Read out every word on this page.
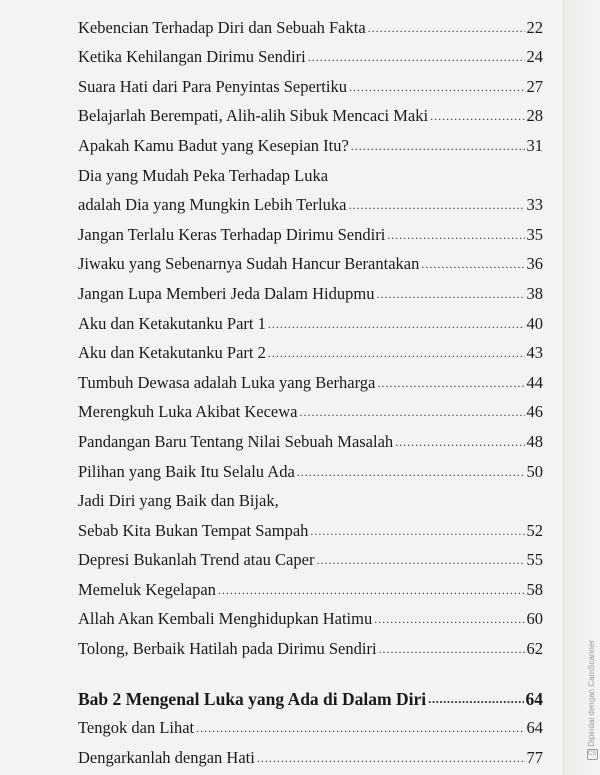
Kebencian Terhadap Diri dan Sebuah Fakta .....	22
Ketika Kehilangan Dirimu Sendiri .....	24
Suara Hati dari Para Penyintas Sepertiku .....	27
Belajarlah Berempati, Alih-alih Sibuk Mencaci Maki .....	28
Apakah Kamu Badut yang Kesepian Itu? .....	31
Dia yang Mudah Peka Terhadap Luka
adalah Dia yang Mungkin Lebih Terluka .....	33
Jangan Terlalu Keras Terhadap Dirimu Sendiri .....	35
Jiwaku yang Sebenarnya Sudah Hancur Berantakan .....	36
Jangan Lupa Memberi Jeda Dalam Hidupmu .....	38
Aku dan Ketakutanku Part 1 .....	40
Aku dan Ketakutanku Part 2 .....	43
Tumbuh Dewasa adalah Luka yang Berharga .....	44
Merengkuh Luka Akibat Kecewa .....	46
Pandangan Baru Tentang Nilai Sebuah Masalah .....	48
Pilihan yang Baik Itu Selalu Ada .....	50
Jadi Diri yang Baik dan Bijak,
Sebab Kita Bukan Tempat Sampah .....	52
Depresi Bukanlah Trend atau Caper .....	55
Memeluk Kegelapan .....	58
Allah Akan Kembali Menghidupkan Hatimu .....	60
Tolong, Berbaik Hatilah pada Dirimu Sendiri .....	62
Bab 2 Mengenal Luka yang Ada di Dalam Diri .....	64
Tengok dan Lihat .....	64
Dengarkanlah dengan Hati .....	77	CS Dipindai dengan CamScanner
